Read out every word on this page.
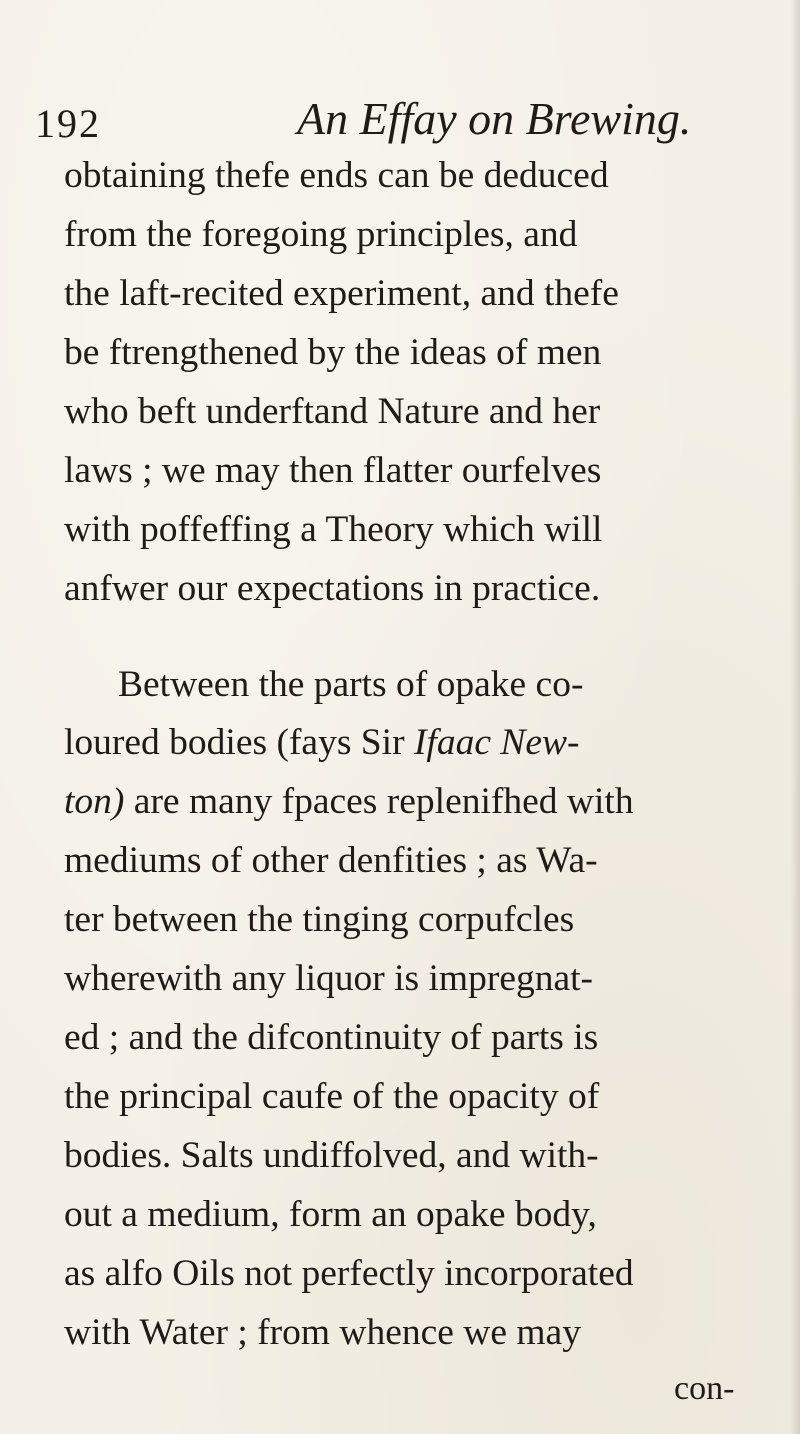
192	An Effay on Brewing.
obtaining thefe ends can be deduced
from the foregoing principles, and
the laft-recited experiment, and thefe
be ftrengthened by the ideas of men
who beft underftand Nature and her
laws ; we may then flatter ourfelves
with poffeffing a Theory which will
anfwer our expectations in practice.
Between the parts of opake co-
loured bodies (fays Sir Ifaac New-
ton) are many fpaces replenifhed with
mediums of other denfities ; as Wa-
ter between the tinging corpufcles
wherewith any liquor is impregnat-
ed ; and the difcontinuity of parts is
the principal caufe of the opacity of
bodies. Salts undiffolved, and with-
out a medium, form an opake body,
as alfo Oils not perfectly incorporated
with Water ; from whence we may
con-
